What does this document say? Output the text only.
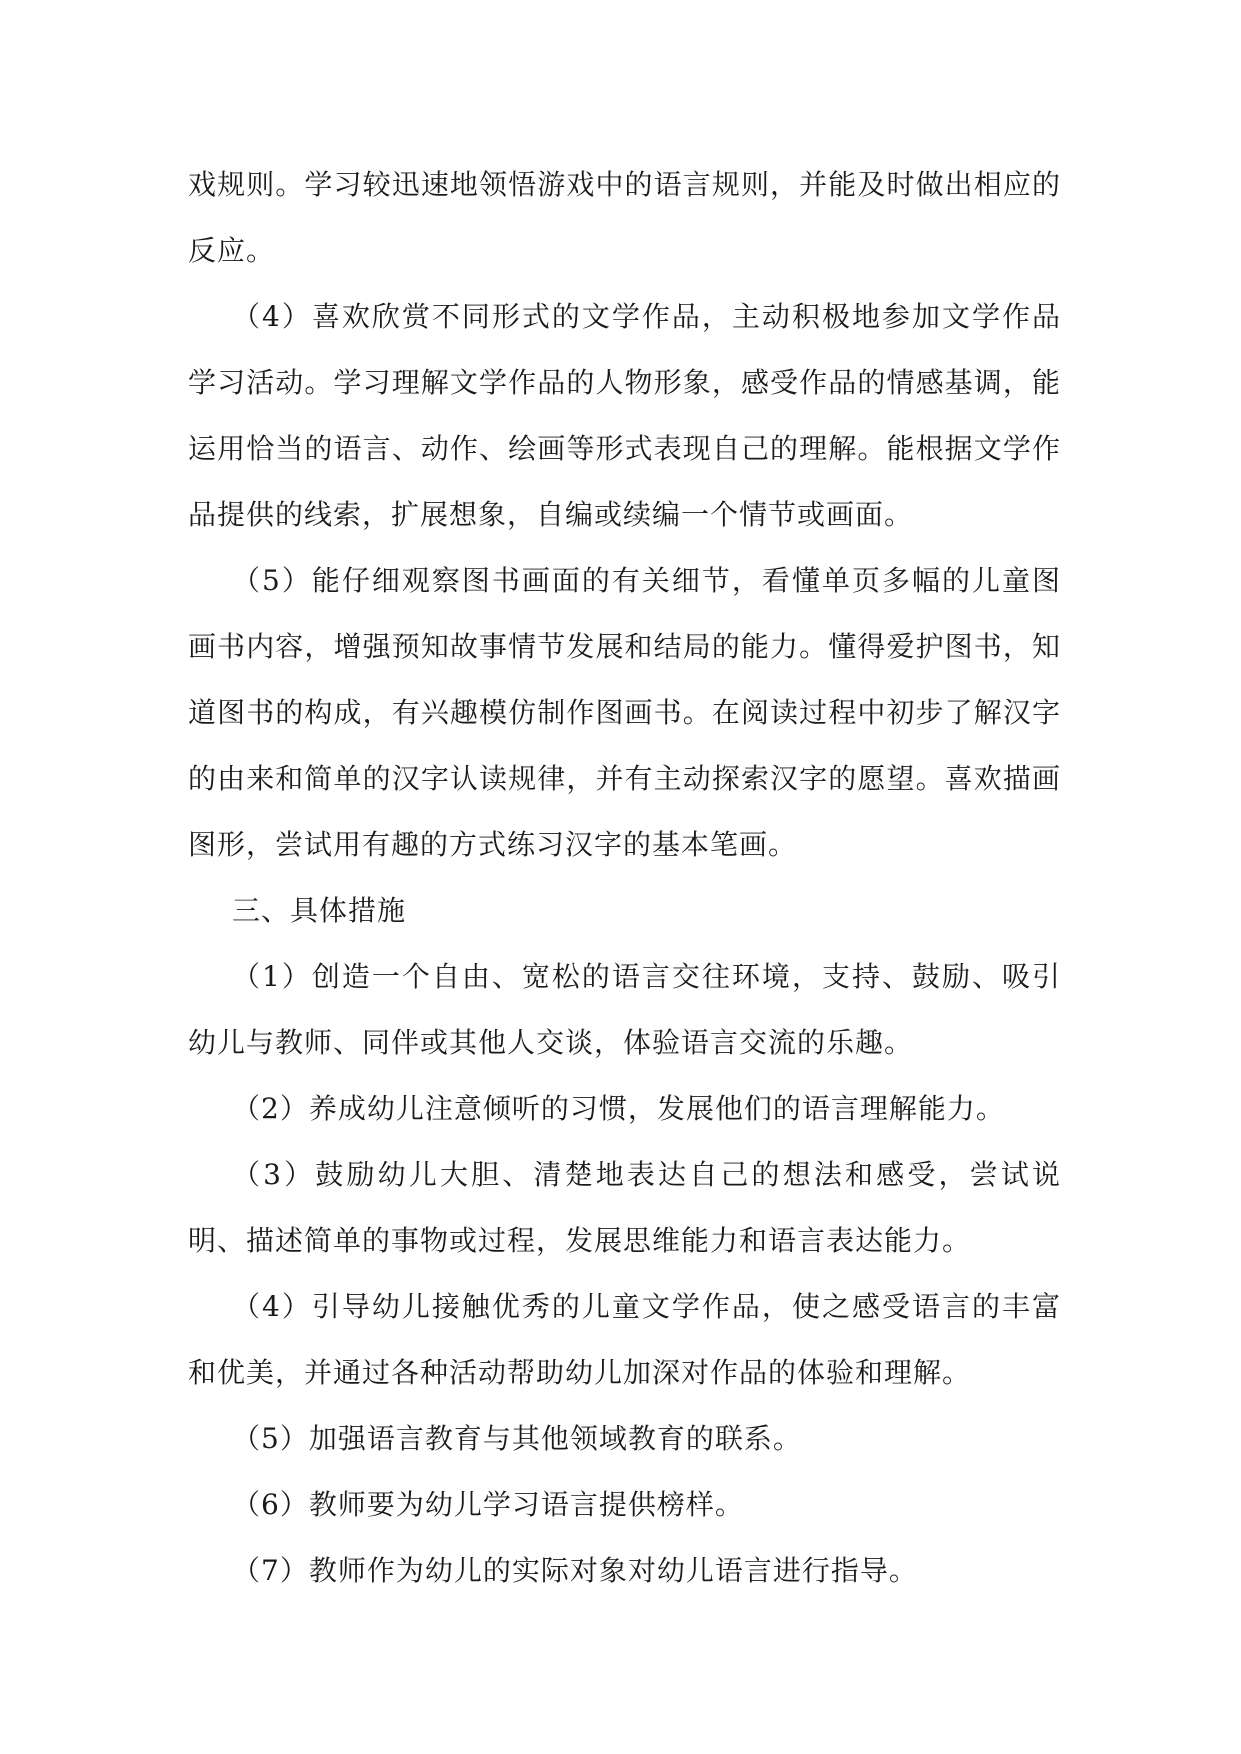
戏规则。学习较迅速地领悟游戏中的语言规则，并能及时做出相应的反应。

（4）喜欢欣赏不同形式的文学作品，主动积极地参加文学作品学习活动。学习理解文学作品的人物形象，感受作品的情感基调，能运用恰当的语言、动作、绘画等形式表现自己的理解。能根据文学作品提供的线索，扩展想象，自编或续编一个情节或画面。

（5）能仔细观察图书画面的有关细节，看懂单页多幅的儿童图画书内容，增强预知故事情节发展和结局的能力。懂得爱护图书，知道图书的构成，有兴趣模仿制作图画书。在阅读过程中初步了解汉字的由来和简单的汉字认读规律，并有主动探索汉字的愿望。喜欢描画图形，尝试用有趣的方式练习汉字的基本笔画。

三、具体措施

（1）创造一个自由、宽松的语言交往环境，支持、鼓励、吸引幼儿与教师、同伴或其他人交谈，体验语言交流的乐趣。

（2）养成幼儿注意倾听的习惯，发展他们的语言理解能力。

（3）鼓励幼儿大胆、清楚地表达自己的想法和感受，尝试说明、描述简单的事物或过程，发展思维能力和语言表达能力。

（4）引导幼儿接触优秀的儿童文学作品，使之感受语言的丰富和优美，并通过各种活动帮助幼儿加深对作品的体验和理解。

（5）加强语言教育与其他领域教育的联系。

（6）教师要为幼儿学习语言提供榜样。

（7）教师作为幼儿的实际对象对幼儿语言进行指导。
